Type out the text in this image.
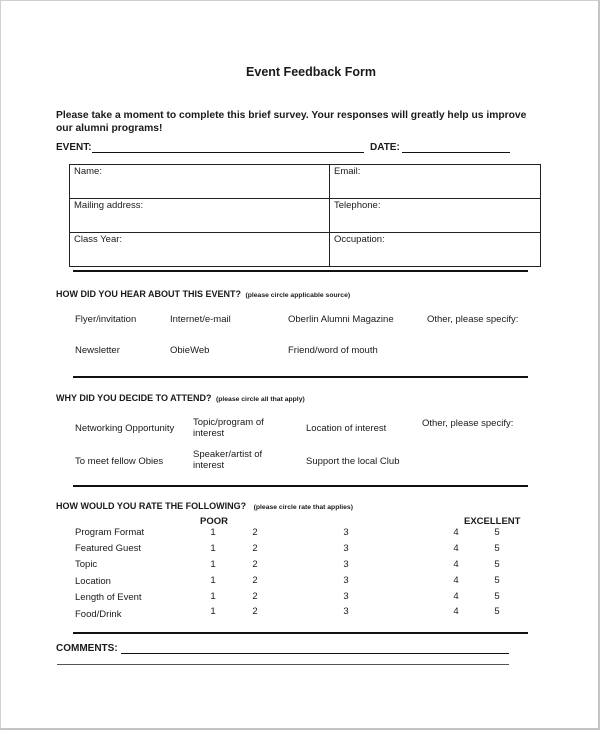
Event Feedback Form
Please take a moment to complete this brief survey. Your responses will greatly help us improve our alumni programs!
EVENT:	DATE:
Name:	Email:
Mailing address:	Telephone:
Class Year:	Occupation:
HOW DID YOU HEAR ABOUT THIS EVENT? (please circle applicable source)
Flyer/invitation	Internet/e-mail	Oberlin Alumni Magazine	Other, please specify:
Newsletter	ObieWeb	Friend/word of mouth
WHY DID YOU DECIDE TO ATTEND? (please circle all that apply)
Networking Opportunity
Topic/program of interest	Location of interest	Other, please specify:
To meet fellow Obies
Speaker/artist of interest	Support the local Club
HOW WOULD YOU RATE THE FOLLOWING? (please circle rate that applies)
POOR	EXCELLENT
Program Format	1	2	3	4	5
Featured Guest	1	2	3	4	5
Topic	1	2	3	4	5
Location	1	2	3	4	5
Length of Event	1	2	3	4	5
Food/Drink	1	2	3	4	5
COMMENTS:
